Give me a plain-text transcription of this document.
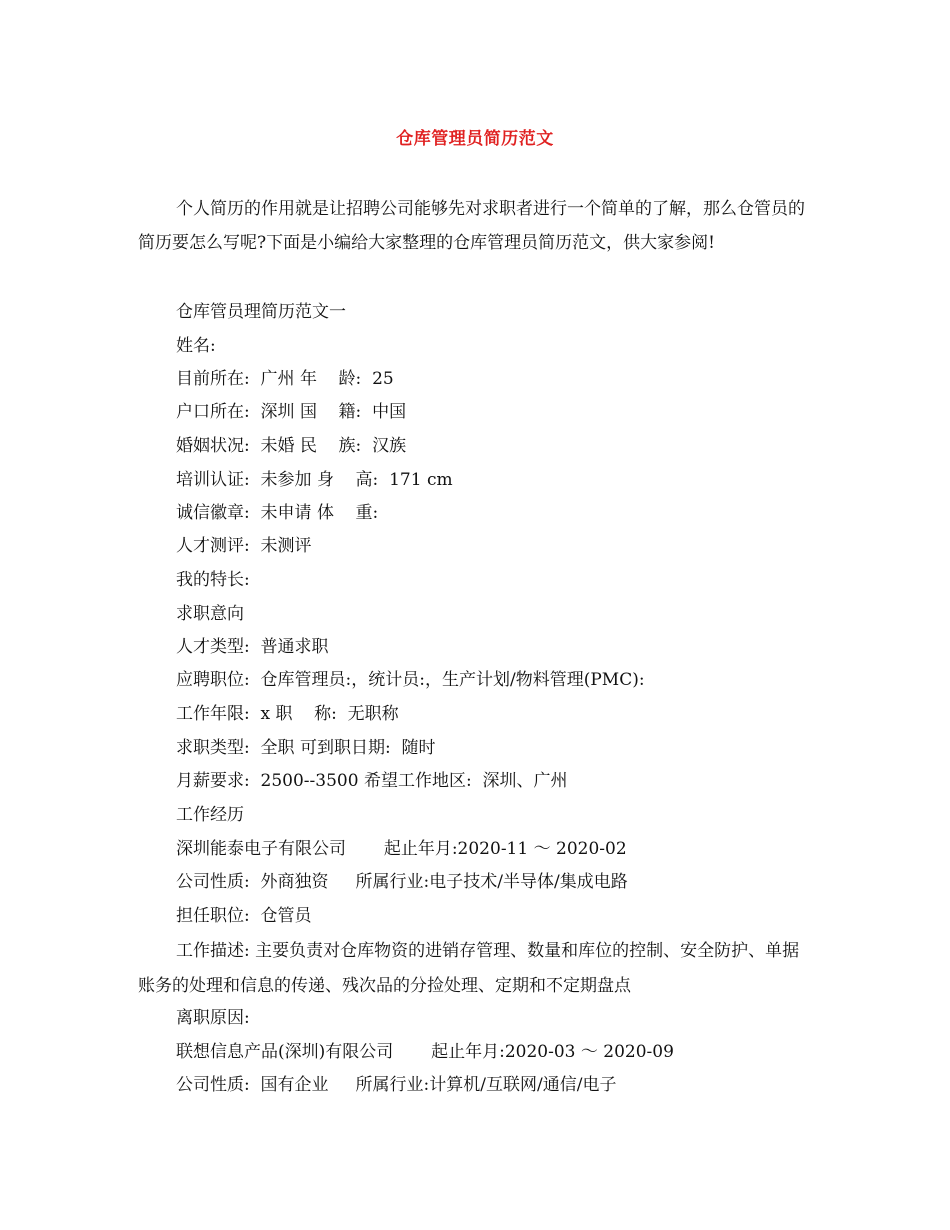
仓库管理员简历范文

个人简历的作用就是让招聘公司能够先对求职者进行一个简单的了解，那么仓管员的简历要怎么写呢?下面是小编给大家整理的仓库管理员简历范文，供大家参阅!

仓库管员理简历范文一
姓名:
目前所在:  广州 年    龄:  25
户口所在:  深圳 国    籍:  中国
婚姻状况:  未婚 民    族:  汉族
培训认证:  未参加 身    高:  171 cm
诚信徽章:  未申请 体    重:
人才测评:  未测评
我的特长:
求职意向
人才类型:  普通求职
应聘职位:  仓库管理员:，统计员:，生产计划/物料管理(PMC):
工作年限:  x 职    称:  无职称
求职类型:  全职 可到职日期:  随时
月薪要求:  2500--3500 希望工作地区:  深圳、广州
工作经历
深圳能泰电子有限公司       起止年月:2020-11 ～ 2020-02
公司性质:  外商独资     所属行业:电子技术/半导体/集成电路
担任职位:  仓管员

工作描述: 主要负责对仓库物资的进销存管理、数量和库位的控制、安全防护、单据账务的处理和信息的传递、残次品的分捡处理、定期和不定期盘点

离职原因:
联想信息产品(深圳)有限公司       起止年月:2020-03 ～ 2020-09
公司性质:  国有企业     所属行业:计算机/互联网/通信/电子
